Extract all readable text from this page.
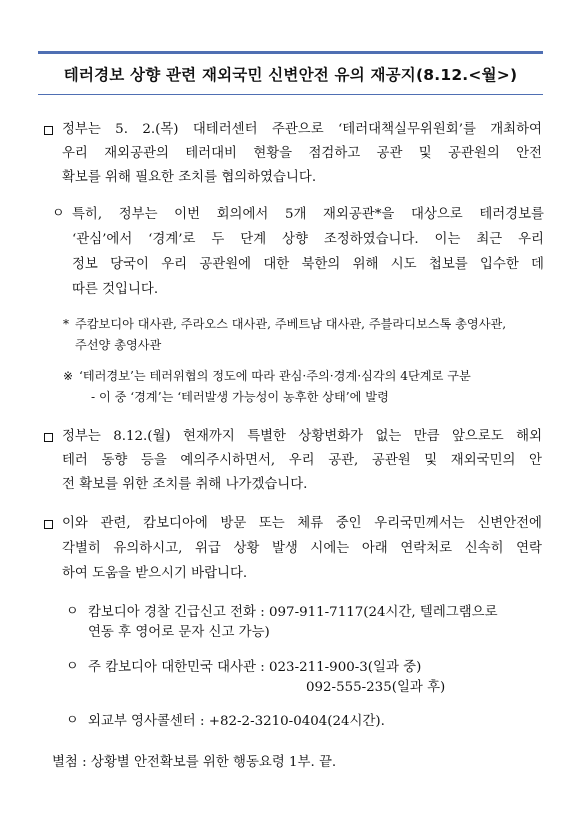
테러경보 상향 관련 재외국민 신변안전 유의 재공지(8.12.<월>)
정부는 5. 2.(목) 대테러센터 주관으로 ‘테러대책실무위원회’를 개최하여
우리 재외공관의 테러대비 현황을 점검하고 공관 및 공관원의 안전
확보를 위해 필요한 조치를 협의하였습니다.
ㅇ 특히, 정부는 이번 회의에서 5개 재외공관*을 대상으로 테러경보를
‘관심’에서 ‘경계’로 두 단계 상향 조정하였습니다. 이는 최근 우리
정보 당국이 우리 공관원에 대한 북한의 위해 시도 첩보를 입수한 데
따른 것입니다.
* 주캄보디아 대사관, 주라오스 대사관, 주베트남 대사관, 주블라디보스톡 총영사관,
주선양 총영사관
※ ‘테러경보’는 테러위협의 정도에 따라 관심·주의·경계·심각의 4단계로 구분
- 이 중 ‘경계’는 ‘테러발생 가능성이 농후한 상태’에 발령
정부는 8.12.(월) 현재까지 특별한 상황변화가 없는 만큼 앞으로도 해외
테러 동향 등을 예의주시하면서, 우리 공관, 공관원 및 재외국민의 안
전 확보를 위한 조치를 취해 나가겠습니다.
이와 관련, 캄보디아에 방문 또는 체류 중인 우리국민께서는 신변안전에
각별히 유의하시고, 위급 상황 발생 시에는 아래 연락처로 신속히 연락
하여 도움을 받으시기 바랍니다.
ㅇ 캄보디아 경찰 긴급신고 전화 : 097-911-7117(24시간, 텔레그램으로
연동 후 영어로 문자 신고 가능)
ㅇ 주 캄보디아 대한민국 대사관 : 023-211-900-3(일과 중)
092-555-235(일과 후)
ㅇ 외교부 영사콜센터 : +82-2-3210-0404(24시간).
별첨 : 상황별 안전확보를 위한 행동요령 1부. 끝.
